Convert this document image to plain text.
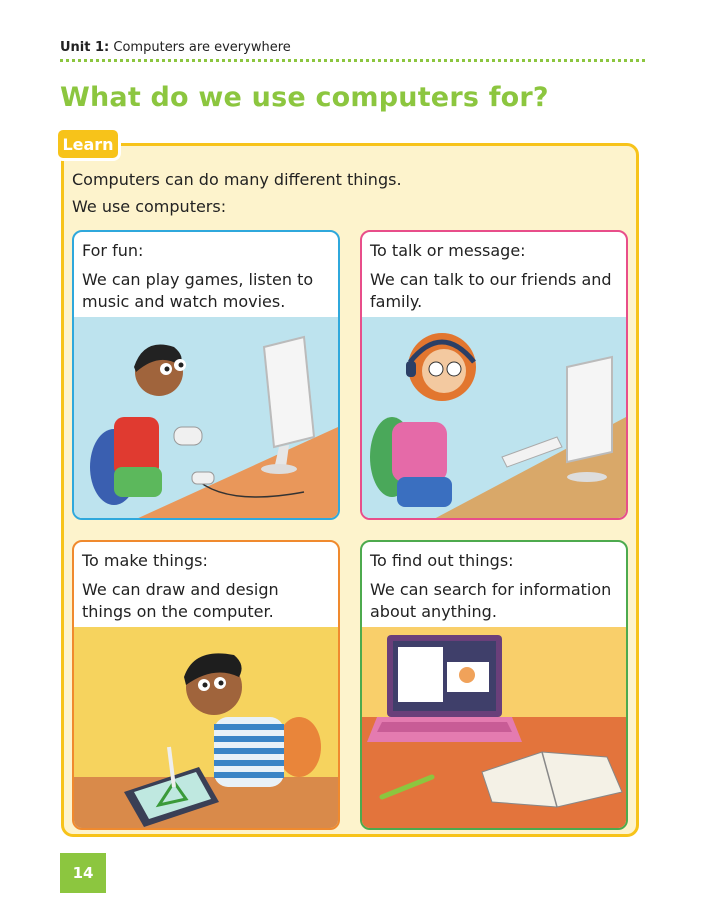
Unit 1: Computers are everywhere
What do we use computers for?
Learn

Computers can do many different things.

We use computers:

For fun:
We can play games, listen to music and watch movies.
To talk or message:
We can talk to our friends and family.
To make things:
We can draw and design things on the computer.
To find out things:
We can search for information about anything.
14
